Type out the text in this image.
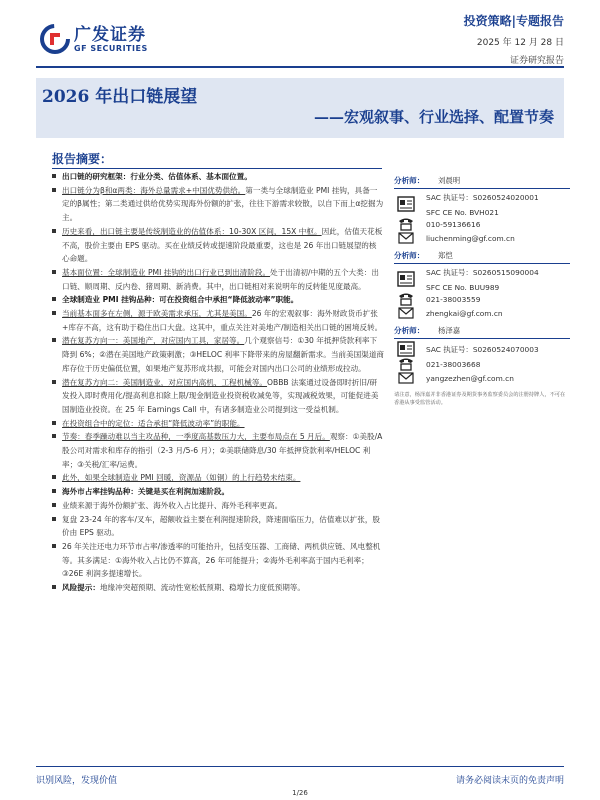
广发证券
GF SECURITIES
投资策略|专题报告
2025 年 12 月 28 日
证券研究报告
2026 年出口链展望
——宏观叙事、行业选择、配置节奏
报告摘要：
出口链的研究框架：行业分类、估值体系、基本面位置。
出口链分为β和α两类：海外总量需求+中国优势供给。第一类与全球制造业 PMI 挂钩，具备一定的β属性；第二类通过供给优势实现海外份额的扩张，往往下游需求较散，以自下而上α挖掘为主。
历史来看，出口链主要是传统制造业的估值体系：10-30X 区间，15X 中枢。因此，估值天花板不高，股价主要由 EPS 驱动。买在业绩反转或提速阶段最重要，这也是 26 年出口链展望的核心命题。
基本面位置：全球制造业 PMI 挂钩的出口行业已到出清阶段。处于出清初/中期的五个大类：出口链、顺周期、反内卷、猪周期、新消费。其中，出口链相对来说明年的反转能见度最高。
全球制造业 PMI 挂钩品种：可在投资组合中承担“降低波动率”职能。
当前基本面多在左侧，源于欧美需求承压，尤其是美国。26 年的宏观叙事：海外财政货币扩张+库存不高，这有助于稳住出口大盘。这其中，重点关注对美地产/制造相关出口链的困境反转。
潜在复苏方向一：美国地产，对应国内工具，家居等。几个观察信号：①30 年抵押贷款利率下降到 6%；②潜在美国地产政策刺激；③HELOC 利率下降带来的房屋翻新需求。当前美国渠道商库存位于历史偏低位置，如果地产复苏形成共振，可能会对国内出口公司的业绩形成拉动。
潜在复苏方向二：美国制造业，对应国内高机、工程机械等。OBBB 法案通过设备即时折旧/研发投入即时费用化/提高利息扣除上限/现金制造业投资税收减免等，实现减税效果，可能促进美国制造业投资。在 25 年 Earnings Call 中，有诸多制造业公司提到这一受益机制。
在投资组合中的定位：适合承担“降低波动率”的职能。
节奏：春季躁动难以当主攻品种，一季度高基数压力大，主要布局点在 5 月后。观察：①美股/A 股公司对需求和库存的指引（2-3 月/5-6 月）；②美联储降息/30 年抵押贷款利率/HELOC 利率；③关税/汇率/运费。
此外，如果全球制造业 PMI 回暖，资源品（如铜）的上行趋势未结束。
海外市占率挂钩品种：关键是买在利润加速阶段。
业绩来源于海外份额扩张、海外收入占比提升、海外毛利率更高。
复盘 23-24 年的客车/叉车，超额收益主要在利润提速阶段，降速面临压力，估值难以扩张，股价由 EPS 驱动。
26 年关注还电力环节市占率/渗透率的可能抬升，包括变压器、工商储、两机供应链、风电整机等。其多满足：①海外收入占比仍不算高，26 年可能提升；②海外毛利率高于国内毛利率；③26E 利润多提速增长。
风险提示：地缘冲突超预期、流动性宽松低预期、稳增长力度低预期等。
分析师：	刘晨明
SAC 执证号：S0260524020001
SFC CE No. BVH021
010-59136616
liuchenming@gf.com.cn
分析师：	郑恺
SAC 执证号：S0260515090004
SFC CE No. BUU989
021-38003559
zhengkai@gf.com.cn
分析师：	杨泽嘉
SAC 执证号：S0260524070003
021-38003668
yangzezhen@gf.com.cn
请注意，杨泽嘉并非香港证券及期货事务监察委员会的注册持牌人，不可在香港从事受监管活动。
识别风险，发现价值	请务必阅读末页的免责声明
1/26
